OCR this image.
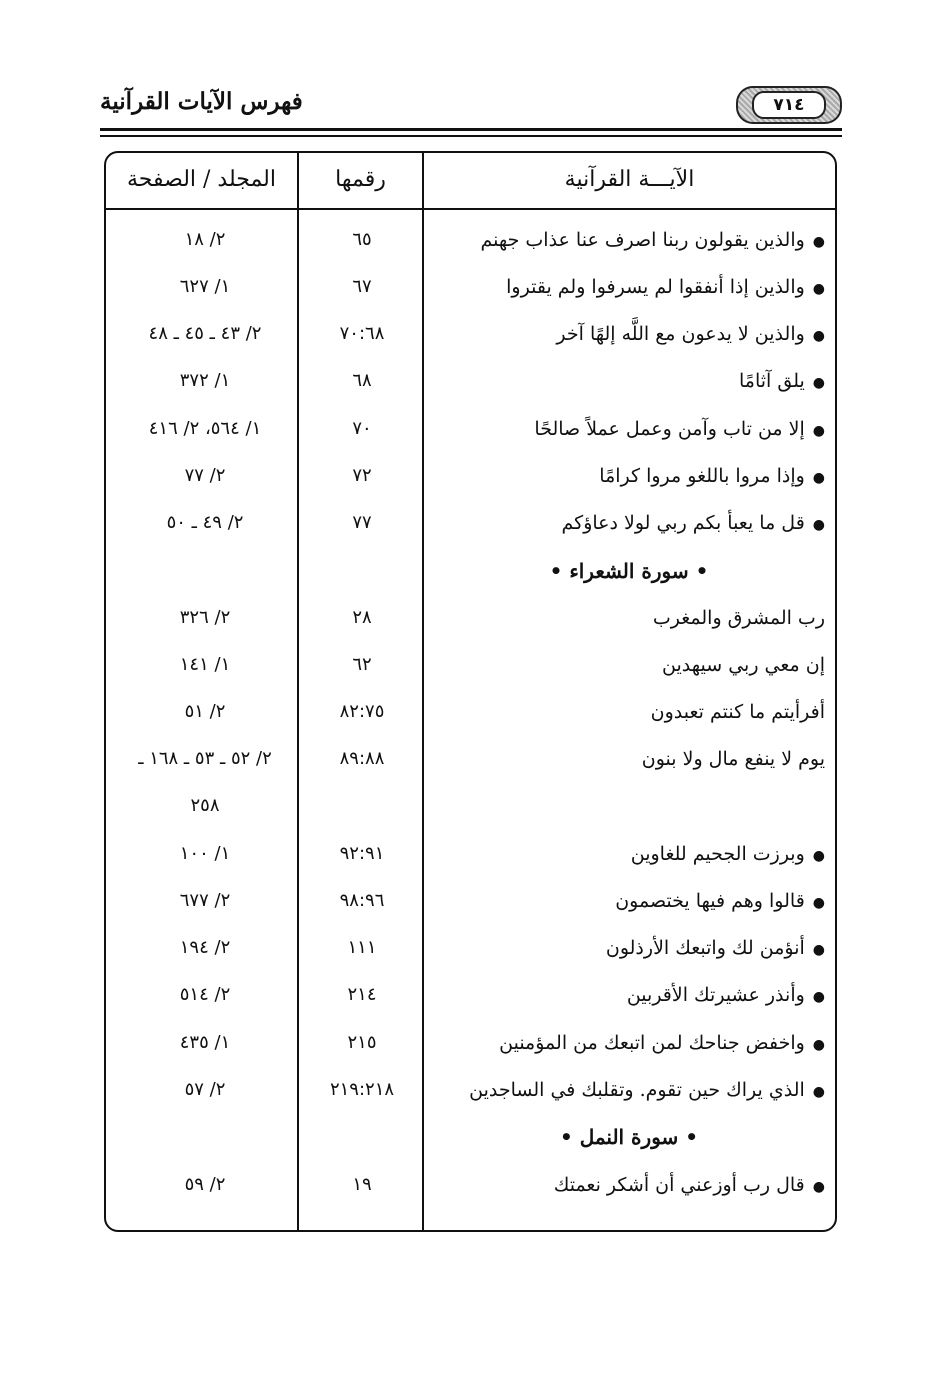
فهرس الآيات القرآنية	٧١٤
الآيـــة القرآنية
رقمها
المجلد / الصفحة
●والذين يقولون ربنا اصرف عنا عذاب جهنم
٦٥
٢/ ١٨
●والذين إذا أنفقوا لم يسرفوا ولم يقتروا
٦٧
١/ ٦٢٧
●والذين لا يدعون مع اللَّه إلهًا آخر
٧٠:٦٨
٢/ ٤٣ ـ ٤٥ ـ ٤٨
●يلق آثامًا
٦٨
١/ ٣٧٢
●إلا من تاب وآمن وعمل عملاً صالحًا
٧٠
١/ ٥٦٤، ٢/ ٤١٦
●وإذا مروا باللغو مروا كرامًا
٧٢
٢/ ٧٧
●قل ما يعبأ بكم ربي لولا دعاؤكم
٧٧
٢/ ٤٩ ـ ٥٠
• سورة الشعراء •
رب المشرق والمغرب
٢٨
٢/ ٣٢٦
إن معي ربي سيهدين
٦٢
١/ ١٤١
أفرأيتم ما كنتم تعبدون
٨٢:٧٥
٢/ ٥١
يوم لا ينفع مال ولا بنون
٨٩:٨٨
٢/ ٥٢ ـ ٥٣ ـ ١٦٨ ـ
٢٥٨
●وبرزت الجحيم للغاوين
٩٢:٩١
١/ ١٠٠
●قالوا وهم فيها يختصمون
٩٨:٩٦
٢/ ٦٧٧
●أنؤمن لك واتبعك الأرذلون
١١١
٢/ ١٩٤
●وأنذر عشيرتك الأقربين
٢١٤
٢/ ٥١٤
●واخفض جناحك لمن اتبعك من المؤمنين
٢١٥
١/ ٤٣٥
●الذي يراك حين تقوم. وتقلبك في الساجدين
٢١٩:٢١٨
٢/ ٥٧
• سورة النمل •
●قال رب أوزعني أن أشكر نعمتك
١٩
٢/ ٥٩
